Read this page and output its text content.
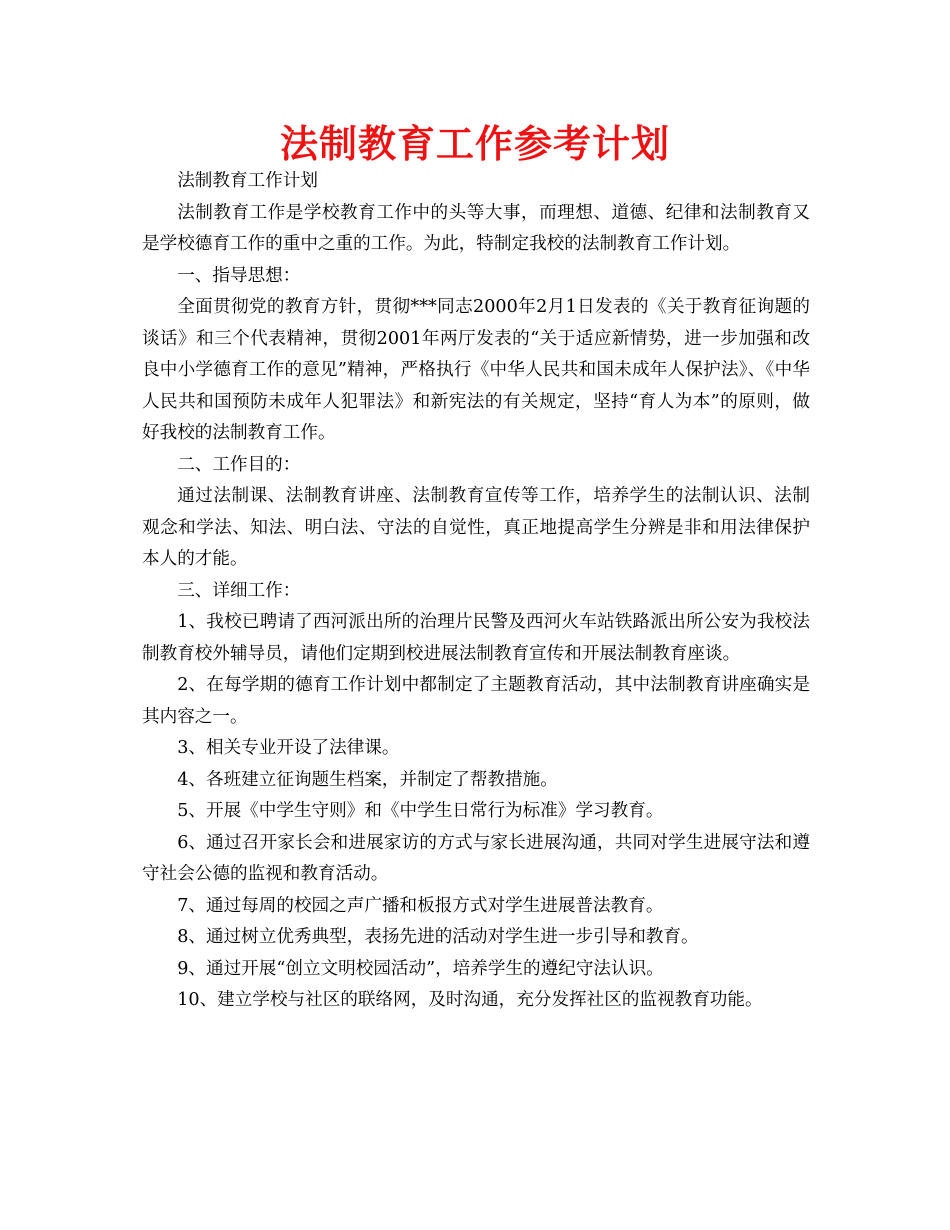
法制教育工作参考计划

法制教育工作计划

法制教育工作是学校教育工作中的头等大事，而理想、道德、纪律和法制教育又是学校德育工作的重中之重的工作。为此，特制定我校的法制教育工作计划。

一、指导思想：

全面贯彻党的教育方针，贯彻***同志2000年2月1日发表的《关于教育征询题的谈话》和三个代表精神，贯彻2001年两厅发表的“关于适应新情势，进一步加强和改良中小学德育工作的意见”精神，严格执行《中华人民共和国未成年人保护法》、《中华人民共和国预防未成年人犯罪法》和新宪法的有关规定，坚持“育人为本”的原则，做好我校的法制教育工作。

二、工作目的：

通过法制课、法制教育讲座、法制教育宣传等工作，培养学生的法制认识、法制观念和学法、知法、明白法、守法的自觉性，真正地提高学生分辨是非和用法律保护本人的才能。

三、详细工作：

1、我校已聘请了西河派出所的治理片民警及西河火车站铁路派出所公安为我校法制教育校外辅导员，请他们定期到校进展法制教育宣传和开展法制教育座谈。

2、在每学期的德育工作计划中都制定了主题教育活动，其中法制教育讲座确实是其内容之一。

3、相关专业开设了法律课。

4、各班建立征询题生档案，并制定了帮教措施。

5、开展《中学生守则》和《中学生日常行为标准》学习教育。

6、通过召开家长会和进展家访的方式与家长进展沟通，共同对学生进展守法和遵守社会公德的监视和教育活动。

7、通过每周的校园之声广播和板报方式对学生进展普法教育。

8、通过树立优秀典型，表扬先进的活动对学生进一步引导和教育。

9、通过开展“创立文明校园活动”，培养学生的遵纪守法认识。

10、建立学校与社区的联络网，及时沟通，充分发挥社区的监视教育功能。
